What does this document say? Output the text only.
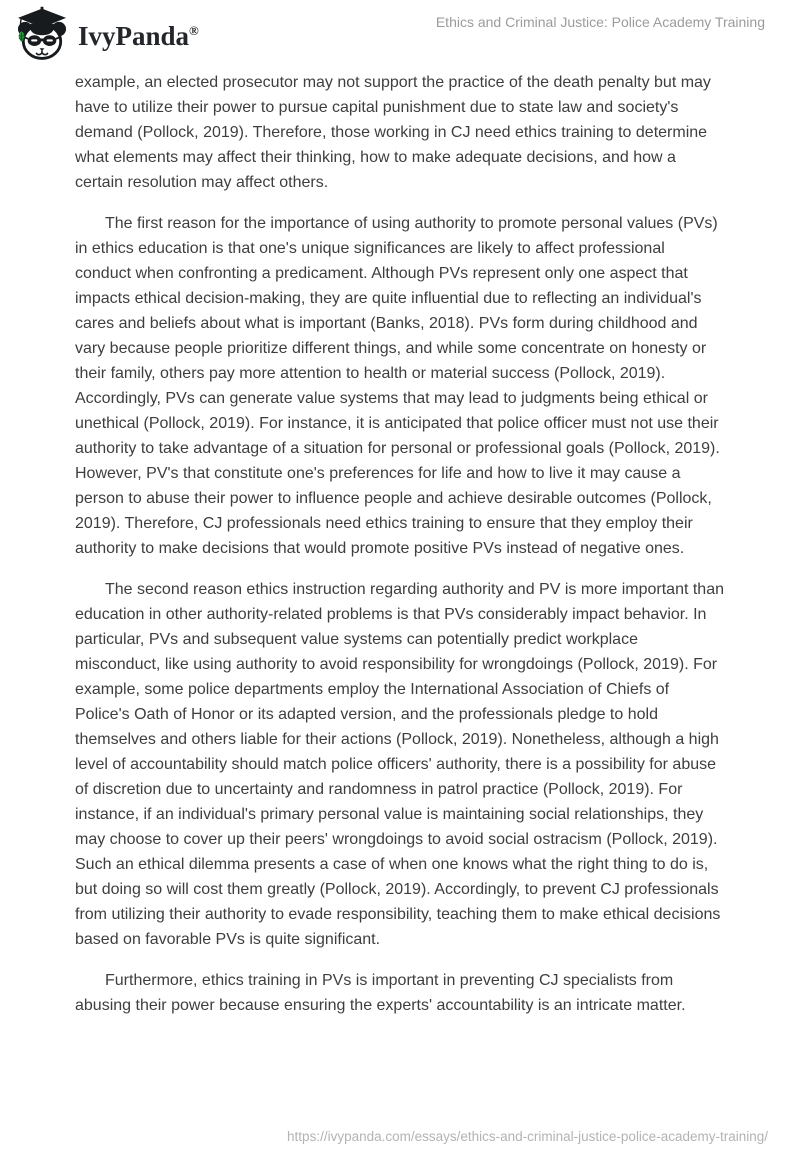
IvyPanda®
Ethics and Criminal Justice: Police Academy Training

example, an elected prosecutor may not support the practice of the death penalty but may have to utilize their power to pursue capital punishment due to state law and society's demand (Pollock, 2019). Therefore, those working in CJ need ethics training to determine what elements may affect their thinking, how to make adequate decisions, and how a certain resolution may affect others.

The first reason for the importance of using authority to promote personal values (PVs) in ethics education is that one's unique significances are likely to affect professional conduct when confronting a predicament. Although PVs represent only one aspect that impacts ethical decision-making, they are quite influential due to reflecting an individual's cares and beliefs about what is important (Banks, 2018). PVs form during childhood and vary because people prioritize different things, and while some concentrate on honesty or their family, others pay more attention to health or material success (Pollock, 2019). Accordingly, PVs can generate value systems that may lead to judgments being ethical or unethical (Pollock, 2019). For instance, it is anticipated that police officer must not use their authority to take advantage of a situation for personal or professional goals (Pollock, 2019). However, PV's that constitute one's preferences for life and how to live it may cause a person to abuse their power to influence people and achieve desirable outcomes (Pollock, 2019). Therefore, CJ professionals need ethics training to ensure that they employ their authority to make decisions that would promote positive PVs instead of negative ones.

The second reason ethics instruction regarding authority and PV is more important than education in other authority-related problems is that PVs considerably impact behavior. In particular, PVs and subsequent value systems can potentially predict workplace misconduct, like using authority to avoid responsibility for wrongdoings (Pollock, 2019). For example, some police departments employ the International Association of Chiefs of Police's Oath of Honor or its adapted version, and the professionals pledge to hold themselves and others liable for their actions (Pollock, 2019). Nonetheless, although a high level of accountability should match police officers' authority, there is a possibility for abuse of discretion due to uncertainty and randomness in patrol practice (Pollock, 2019). For instance, if an individual's primary personal value is maintaining social relationships, they may choose to cover up their peers' wrongdoings to avoid social ostracism (Pollock, 2019). Such an ethical dilemma presents a case of when one knows what the right thing to do is, but doing so will cost them greatly (Pollock, 2019). Accordingly, to prevent CJ professionals from utilizing their authority to evade responsibility, teaching them to make ethical decisions based on favorable PVs is quite significant.

Furthermore, ethics training in PVs is important in preventing CJ specialists from abusing their power because ensuring the experts' accountability is an intricate matter.

https://ivypanda.com/essays/ethics-and-criminal-justice-police-academy-training/
